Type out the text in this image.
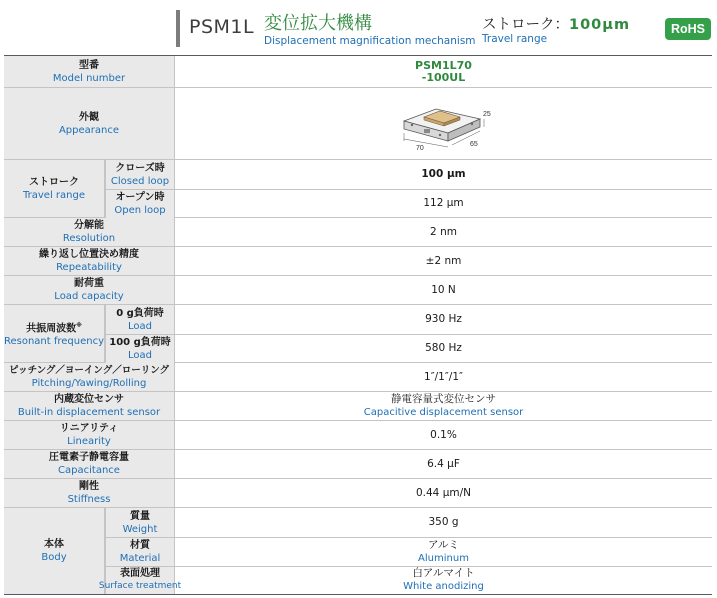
PSM1L 変位拡大機構
Displacement magnification mechanism
ストローク：100μm
Travel range
RoHS
型番
Model number
PSM1L70
-100UL
外観
Appearance
70
65
25
ストローク
Travel range
クローズ時
Closed loop
オープン時
Open loop
100 μm
112 μm
分解能
Resolution
2 nm
繰り返し位置決め精度
Repeatability
±2 nm
耐荷重
Load capacity
10 N
共振周波数※
Resonant frequency
0 g負荷時
Load
100 g負荷時
Load
930 Hz
580 Hz
ピッチング／ヨーイング／ローリング
Pitching/Yawing/Rolling
1″/1″/1″
内蔵変位センサ
Built-in displacement sensor
静電容量式変位センサ
Capacitive displacement sensor
リニアリティ
Linearity
0.1%
圧電素子静電容量
Capacitance
6.4 μF
剛性
Stiffness
0.44 μm/N
本体
Body
質量
Weight
材質
Material
表面処理
Surface treatment
350 g
アルミ
Aluminum
白アルマイト
White anodizing
